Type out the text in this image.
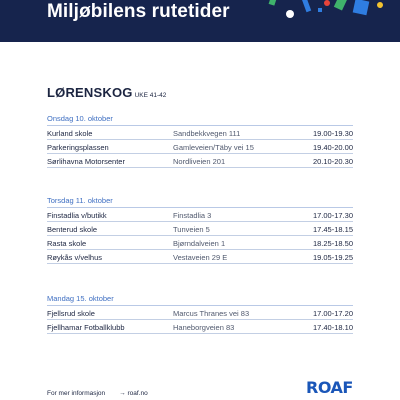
Miljøbilens rutetider
LØRENSKOG UKE 41-42
Onsdag 10. oktober
Kurland skole	Sandbekkvegen 111	19.00-19.30
Parkeringsplassen	Gamleveien/Täby vei 15	19.40-20.00
Sørlihavna Motorsenter	Nordliveien 201	20.10-20.30
Torsdag 11. oktober
Finstadlia v/butikk	Finstadlia 3	17.00-17.30
Benterud skole	Tunveien 5	17.45-18.15
Rasta skole	Bjørndalveien 1	18.25-18.50
Røykås v/velhus	Vestaveien 29 E	19.05-19.25
Mandag 15. oktober
Fjellsrud skole	Marcus Thranes vei 83	17.00-17.20
Fjellhamar Fotballklubb	Haneborgveien 83	17.40-18.10
For mer informasjon → roaf.no	ROAF
